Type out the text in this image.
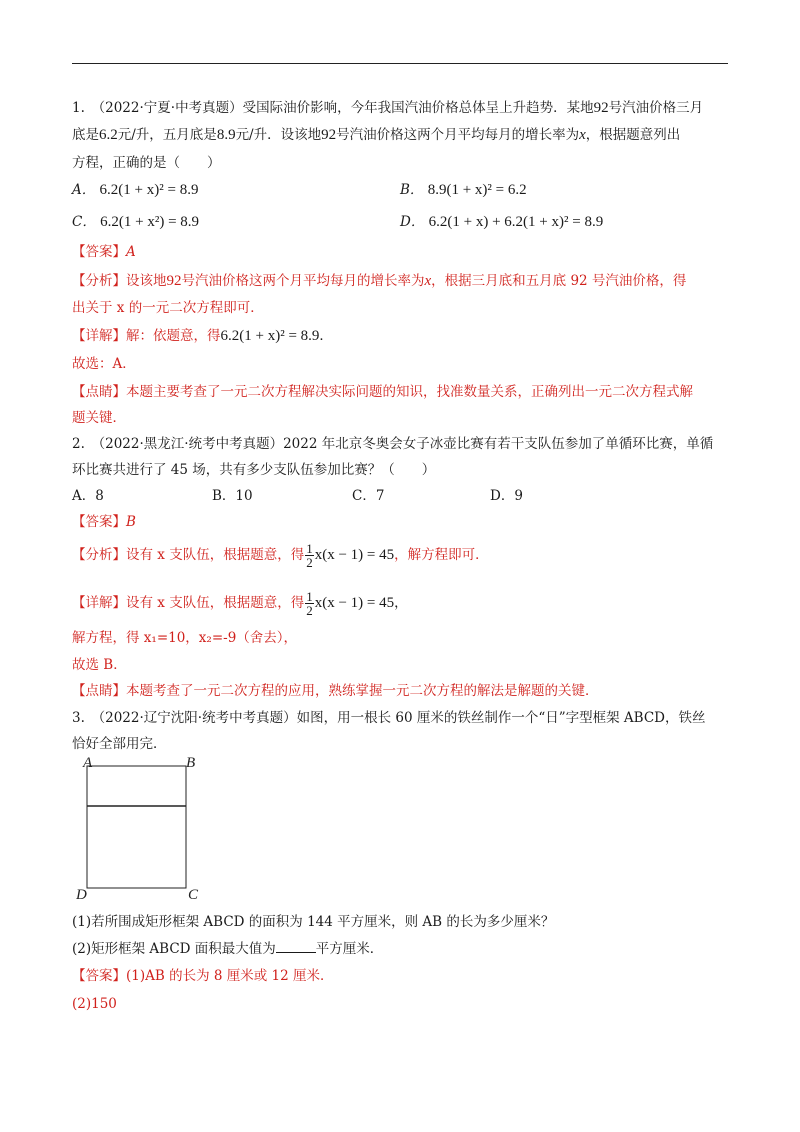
1.　（2022·宁夏·中考真题）受国际油价影响，今年我国汽油价格总体呈上升趋势．某地92号汽油价格三月
底是6.2元/升，五月底是8.9元/升．设该地92号汽油价格这两个月平均每月的增长率为x，根据题意列出
方程，正确的是（　　）
A． 6.2(1 + x)² = 8.9	B． 8.9(1 + x)² = 6.2
C． 6.2(1 + x²) = 8.9	D． 6.2(1 + x) + 6.2(1 + x)² = 8.9
【答案】A
【分析】设该地92号汽油价格这两个月平均每月的增长率为x，根据三月底和五月底 92 号汽油价格，得
出关于 x 的一元二次方程即可．
【详解】解：依题意，得6.2(1 + x)² = 8.9．
故选：A．
【点睛】本题主要考查了一元二次方程解决实际问题的知识，找准数量关系，正确列出一元二次方程式解
题关键．
2.　（2022·黑龙江·统考中考真题）2022 年北京冬奥会女子冰壶比赛有若干支队伍参加了单循环比赛，单循
环比赛共进行了 45 场，共有多少支队伍参加比赛？（　　）
A．8	B．10	C．7	D．9
【答案】B
【分析】设有 x 支队伍，根据题意，得 $\frac{1}{2} x(x - 1) = 45$，解方程即可．
【详解】设有 x 支队伍，根据题意，得 $\frac{1}{2} x(x - 1) = 45$，
解方程，得 x₁=10，x₂=-9（舍去），
故选 B．
【点睛】本题考查了一元二次方程的应用，熟练掌握一元二次方程的解法是解题的关键．
3.　（2022·辽宁沈阳·统考中考真题）如图，用一根长 60 厘米的铁丝制作一个“日”字型框架 ABCD，铁丝
恰好全部用完．
A	B
C
D
(1)若所围成矩形框架 ABCD 的面积为 144 平方厘米，则 AB 的长为多少厘米？
(2)矩形框架 ABCD 面积最大值为	平方厘米．
【答案】(1)AB 的长为 8 厘米或 12 厘米．
(2)150
